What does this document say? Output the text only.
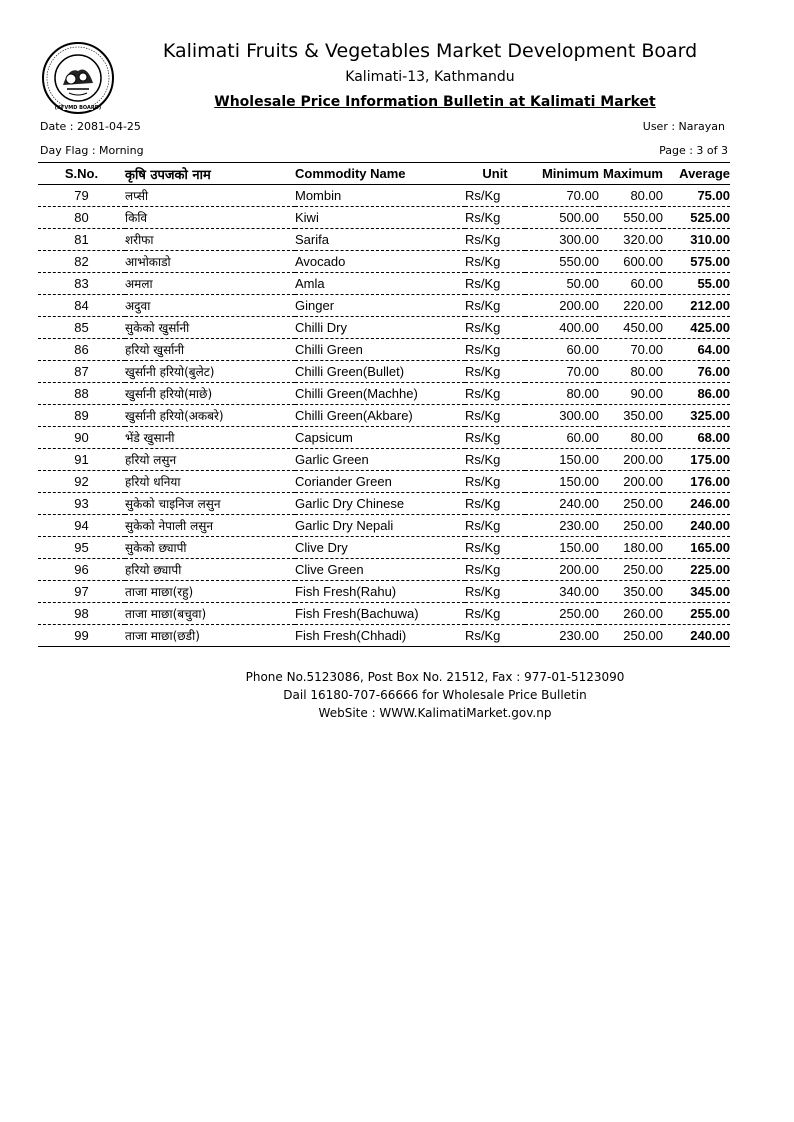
(KFVMD BOARD)
Kalimati Fruits & Vegetables Market Development Board
Kalimati-13, Kathmandu
Wholesale Price Information Bulletin at Kalimati Market
Date : 2081-04-25	User : Narayan
Day Flag : Morning	Page : 3 of 3
S.No.	कृषि उपजको नाम	Commodity Name	Unit	Minimum	Maximum	Average
79	लप्सी	Mombin	Rs/Kg	70.00	80.00	75.00
80	किवि	Kiwi	Rs/Kg	500.00	550.00	525.00
81	शरीफा	Sarifa	Rs/Kg	300.00	320.00	310.00
82	आभोकाडो	Avocado	Rs/Kg	550.00	600.00	575.00
83	अमला	Amla	Rs/Kg	50.00	60.00	55.00
84	अदुवा	Ginger	Rs/Kg	200.00	220.00	212.00
85	सुकेको खुर्सानी	Chilli Dry	Rs/Kg	400.00	450.00	425.00
86	हरियो खुर्सानी	Chilli Green	Rs/Kg	60.00	70.00	64.00
87	खुर्सानी हरियो(बुलेट)	Chilli Green(Bullet)	Rs/Kg	70.00	80.00	76.00
88	खुर्सानी हरियो(माछे)	Chilli Green(Machhe)	Rs/Kg	80.00	90.00	86.00
89	खुर्सानी हरियो(अकबरे)	Chilli Green(Akbare)	Rs/Kg	300.00	350.00	325.00
90	भेंडे खुसानी	Capsicum	Rs/Kg	60.00	80.00	68.00
91	हरियो लसुन	Garlic Green	Rs/Kg	150.00	200.00	175.00
92	हरियो धनिया	Coriander Green	Rs/Kg	150.00	200.00	176.00
93	सुकेको चाइनिज लसुन	Garlic Dry Chinese	Rs/Kg	240.00	250.00	246.00
94	सुकेको नेपाली लसुन	Garlic Dry Nepali	Rs/Kg	230.00	250.00	240.00
95	सुकेको छ्यापी	Clive Dry	Rs/Kg	150.00	180.00	165.00
96	हरियो छ्यापी	Clive Green	Rs/Kg	200.00	250.00	225.00
97	ताजा माछा(रहु)	Fish Fresh(Rahu)	Rs/Kg	340.00	350.00	345.00
98	ताजा माछा(बचुवा)	Fish Fresh(Bachuwa)	Rs/Kg	250.00	260.00	255.00
99	ताजा माछा(छडी)	Fish Fresh(Chhadi)	Rs/Kg	230.00	250.00	240.00
Phone No.5123086, Post Box No. 21512, Fax : 977-01-5123090
Dail 16180-707-66666 for Wholesale Price Bulletin
WebSite : WWW.KalimatiMarket.gov.np
